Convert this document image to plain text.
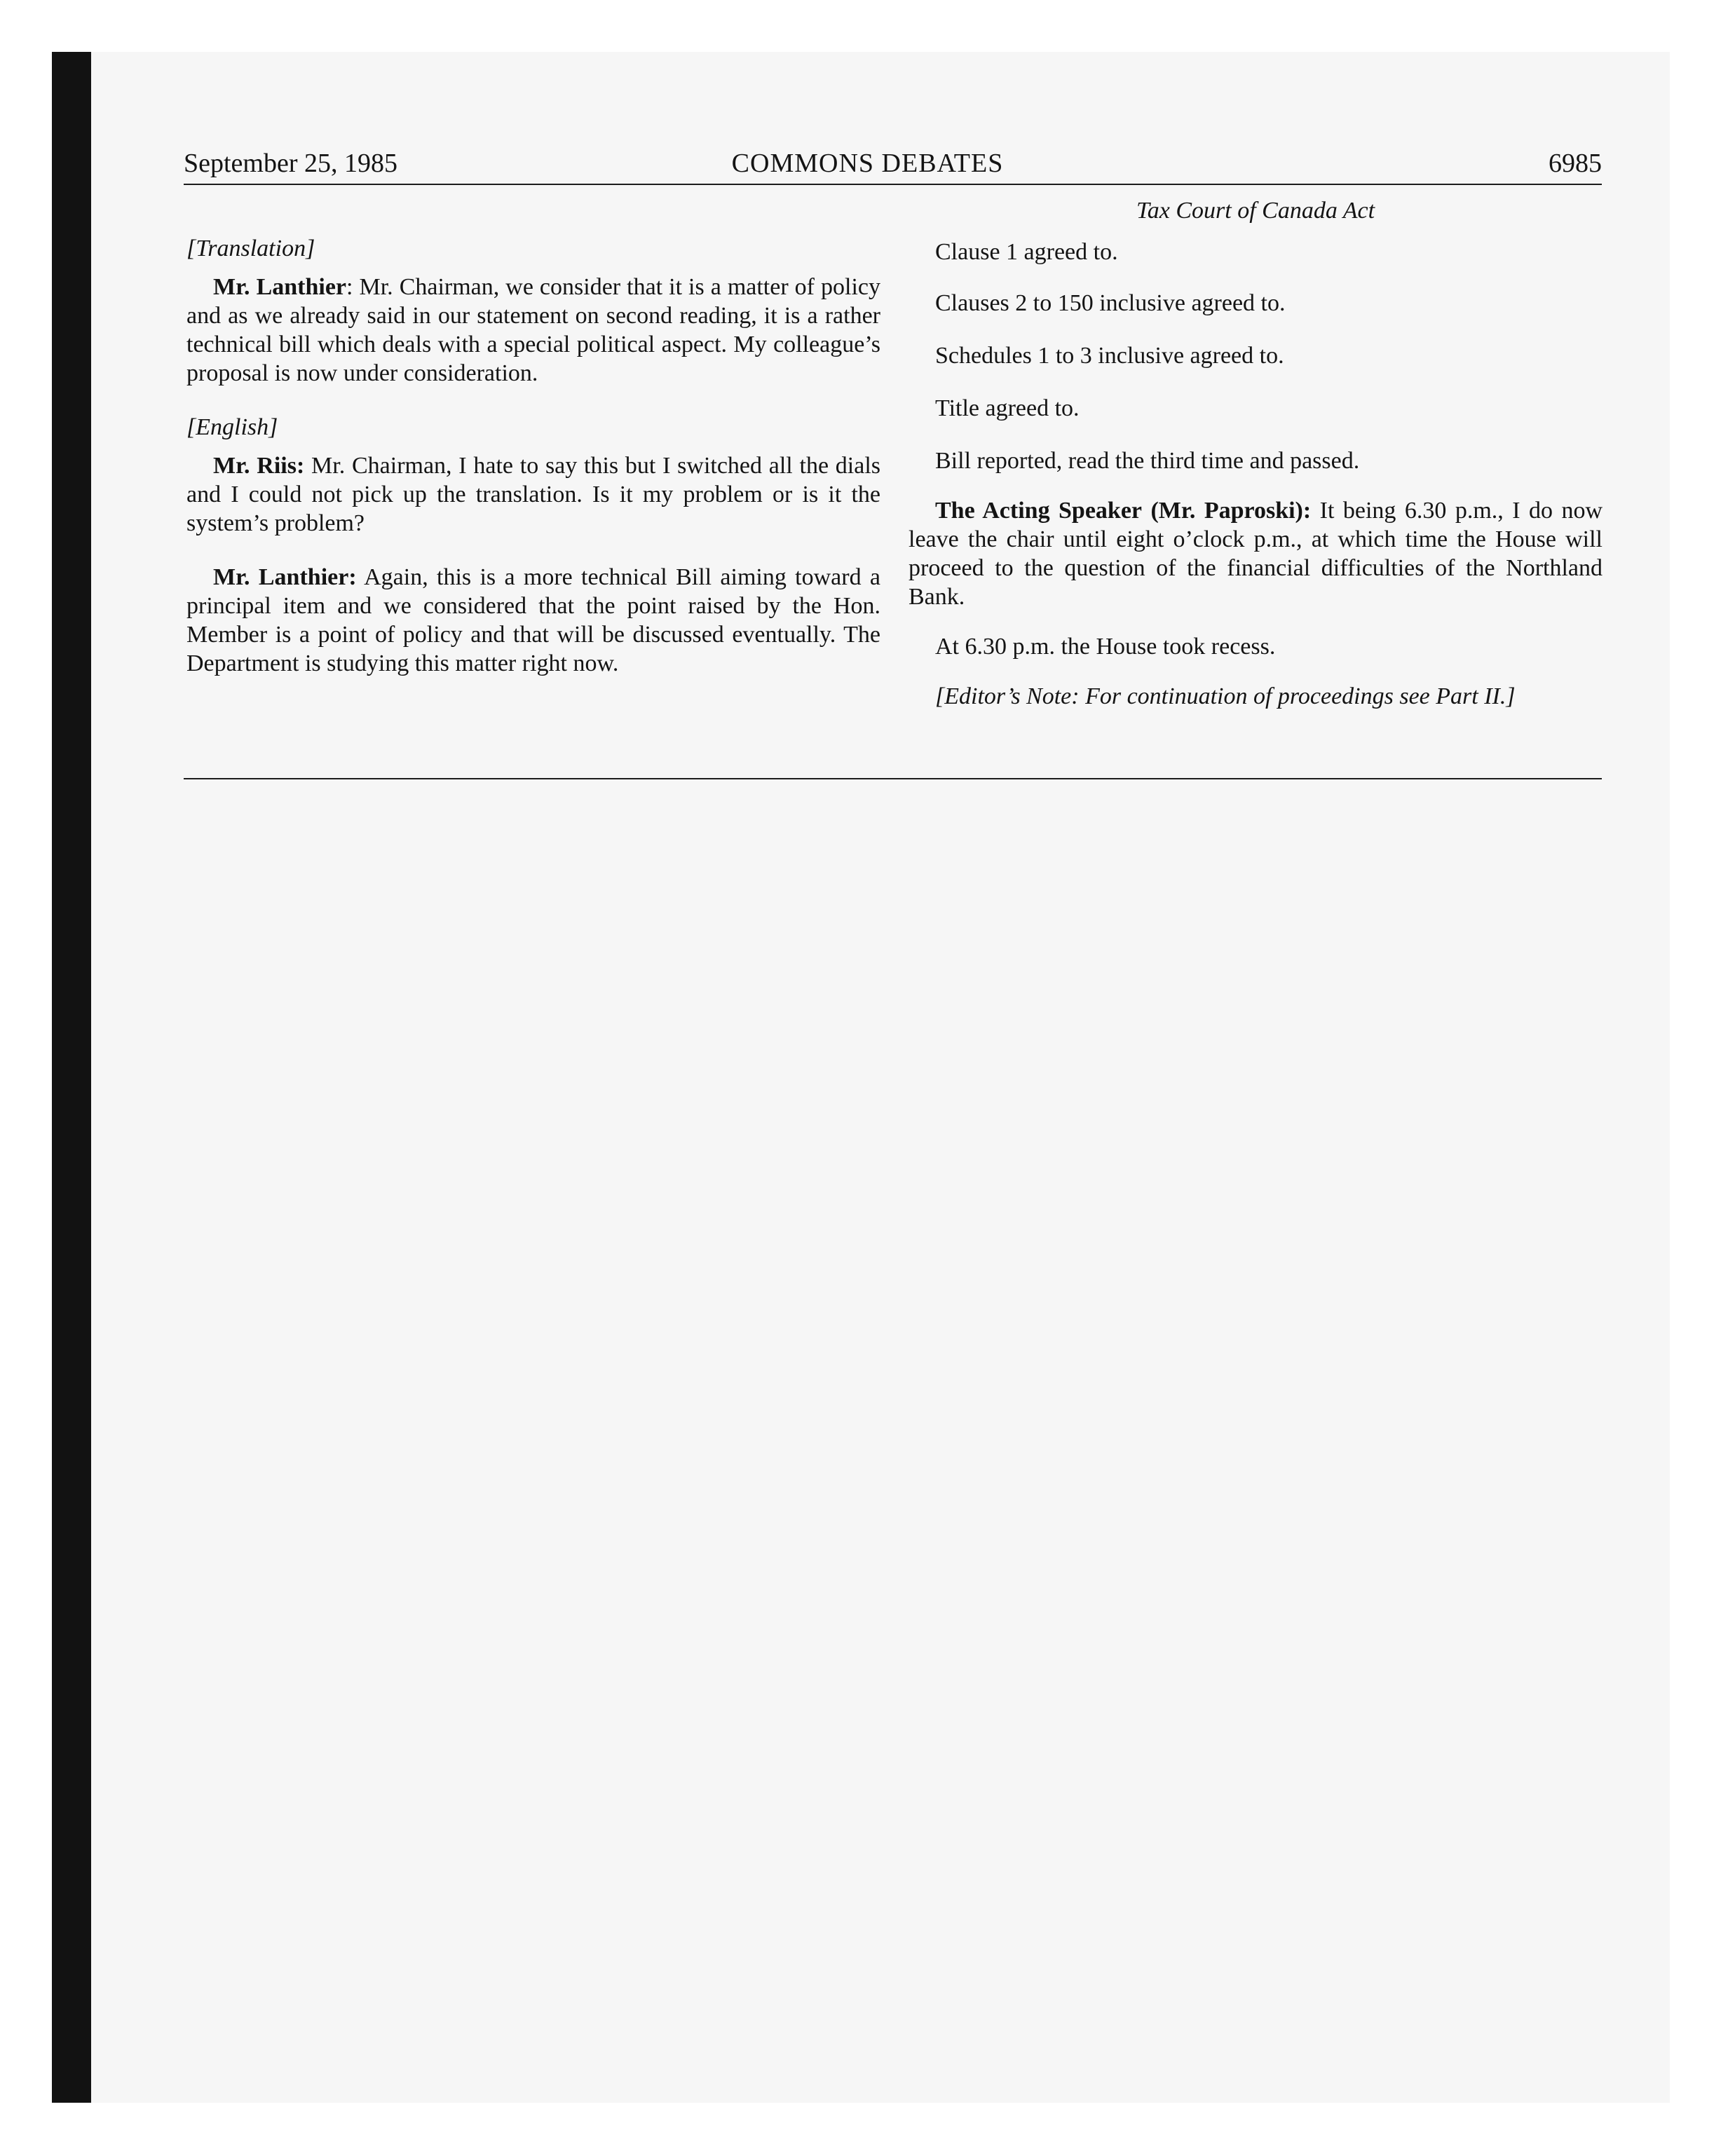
September 25, 1985	COMMONS DEBATES	6985

[Translation]

Mr. Lanthier: Mr. Chairman, we consider that it is a matter of policy and as we already said in our statement on second reading, it is a rather technical bill which deals with a special political aspect. My colleague’s proposal is now under consideration.

[English]

Mr. Riis: Mr. Chairman, I hate to say this but I switched all the dials and I could not pick up the translation. Is it my problem or is it the system’s problem?

Mr. Lanthier: Again, this is a more technical Bill aiming toward a principal item and we considered that the point raised by the Hon. Member is a point of policy and that will be discussed eventually. The Department is studying this matter right now.

Tax Court of Canada Act

Clause 1 agreed to.

Clauses 2 to 150 inclusive agreed to.

Schedules 1 to 3 inclusive agreed to.

Title agreed to.

Bill reported, read the third time and passed.

The Acting Speaker (Mr. Paproski): It being 6.30 p.m., I do now leave the chair until eight o’clock p.m., at which time the House will proceed to the question of the financial difficulties of the Northland Bank.

At 6.30 p.m. the House took recess.

[Editor’s Note: For continuation of proceedings see Part II.]
